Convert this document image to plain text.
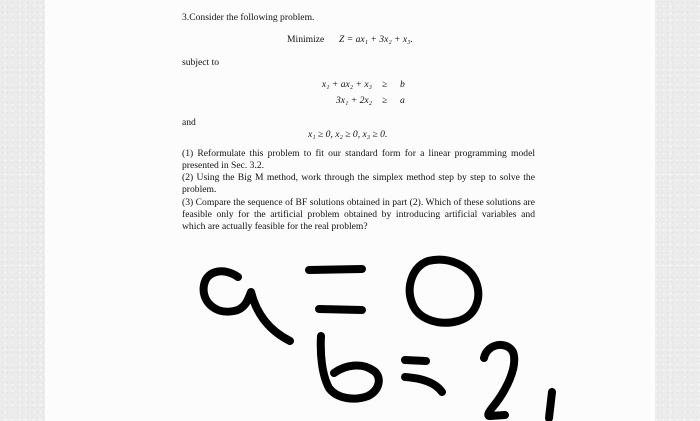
3.Consider the following problem.
Minimize Z = ax₁ + 3x₂ + x₃.
subject to
x₁ + ax₂ + x₃ ≥ b
3x₁ + 2x₂ ≥ a
and
x₁ ≥ 0, x₂ ≥ 0, x₃ ≥ 0.
(1) Reformulate this problem to fit our standard form for a linear programming model presented in Sec. 3.2.
(2) Using the Big M method, work through the simplex method step by step to solve the problem.
(3) Compare the sequence of BF solutions obtained in part (2). Which of these solutions are feasible only for the artificial problem obtained by introducing artificial variables and which are actually feasible for the real problem?
